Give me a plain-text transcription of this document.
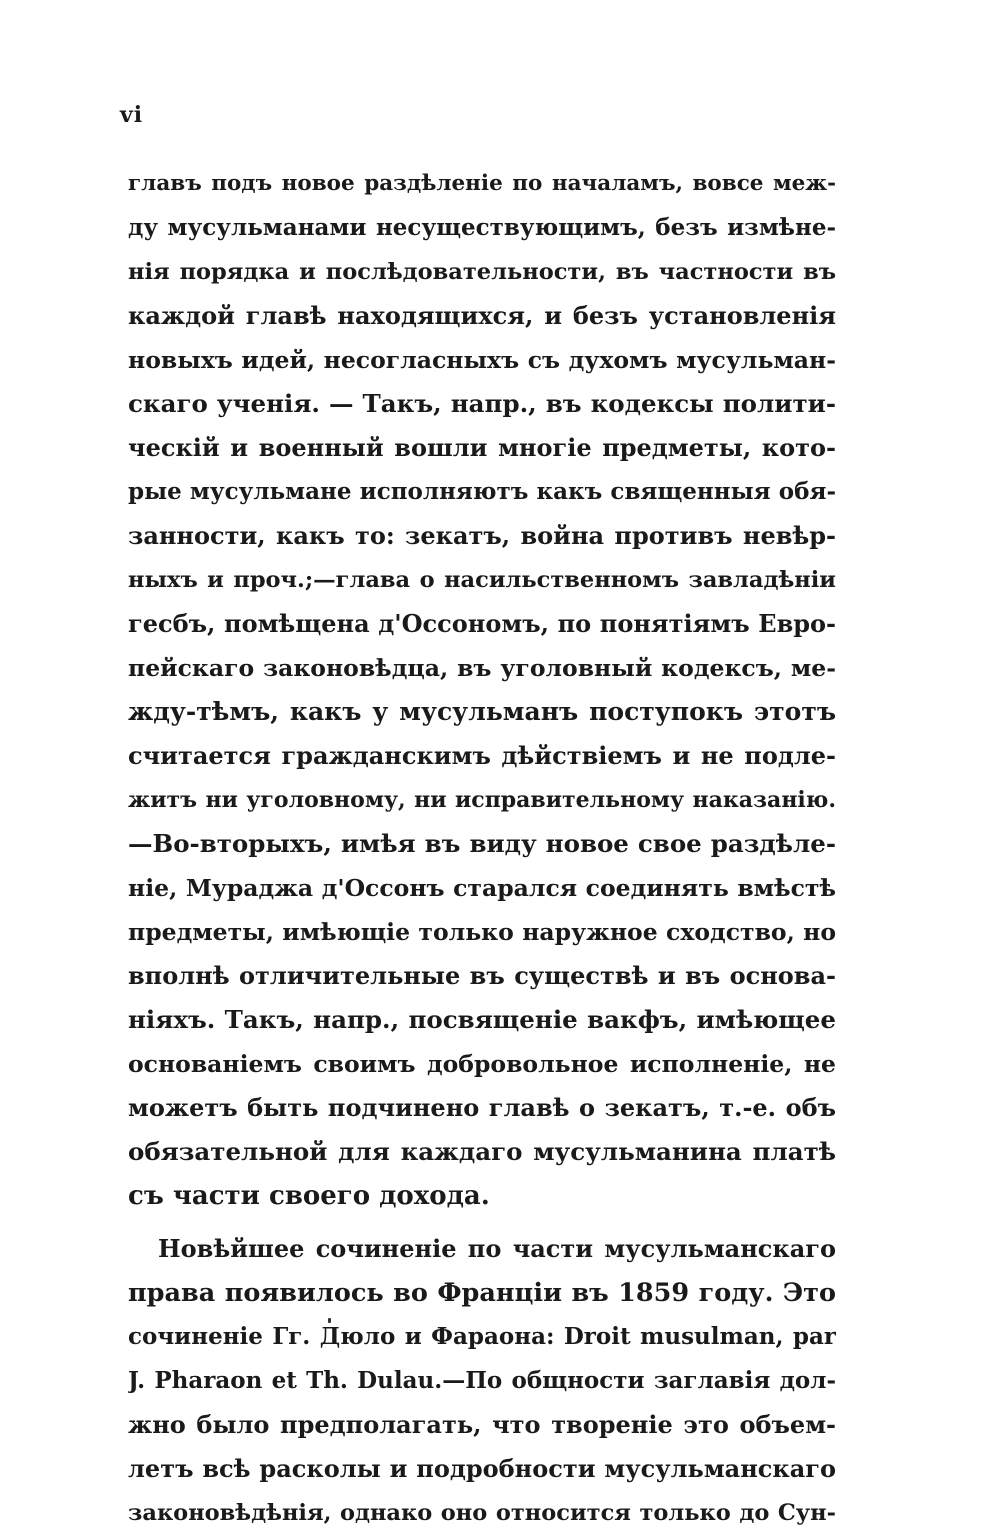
vi
главъ подъ новое раздѣленіе по началамъ, вовсе меж-
ду мусульманами несуществующимъ, безъ измѣне-
нія порядка и послѣдовательности, въ частности въ
каждой главѣ находящихся, и безъ установленія
новыхъ идей, несогласныхъ съ духомъ мусульман-
скаго ученія. — Такъ, напр., въ кодексы полити-
ческій и военный вошли многіе предметы, кото-
рые мусульмане исполняютъ какъ священныя обя-
занности, какъ то: зекатъ, война противъ невѣр-
ныхъ и проч.;—глава о насильственномъ завладѣніи
гесбъ, помѣщена д'Оссономъ, по понятіямъ Евро-
пейскаго законовѣдца, въ уголовный кодексъ, ме-
жду-тѣмъ, какъ у мусульманъ поступокъ этотъ
считается гражданскимъ дѣйствіемъ и не подле-
житъ ни уголовному, ни исправительному наказанію.
—Во-вторыхъ, имѣя въ виду новое свое раздѣле-
ніе, Мураджа д'Оссонъ старался соединять вмѣстѣ
предметы, имѣющіе только наружное сходство, но
вполнѣ отличительные въ существѣ и въ основа-
ніяхъ. Такъ, напр., посвященіе вакфъ, имѣющее
основаніемъ своимъ добровольное исполненіе, не
можетъ быть подчинено главѣ о зекатъ, т.-е. объ
обязательной для каждаго мусульманина платѣ
съ части своего дохода.
Новѣйшее сочиненіе по части мусульманскаго
права появилось во Франціи въ 1859 году. Это
сочиненіе Гг. Дюло и Фараона: Droit musulman, par
J. Pharaon et Th. Dulau.—По общности заглавія дол-
жно было предполагать, что твореніе это объем-
летъ всѣ расколы и подробности мусульманскаго
законовѣдѣнія, однако оно относится только до Сун-
